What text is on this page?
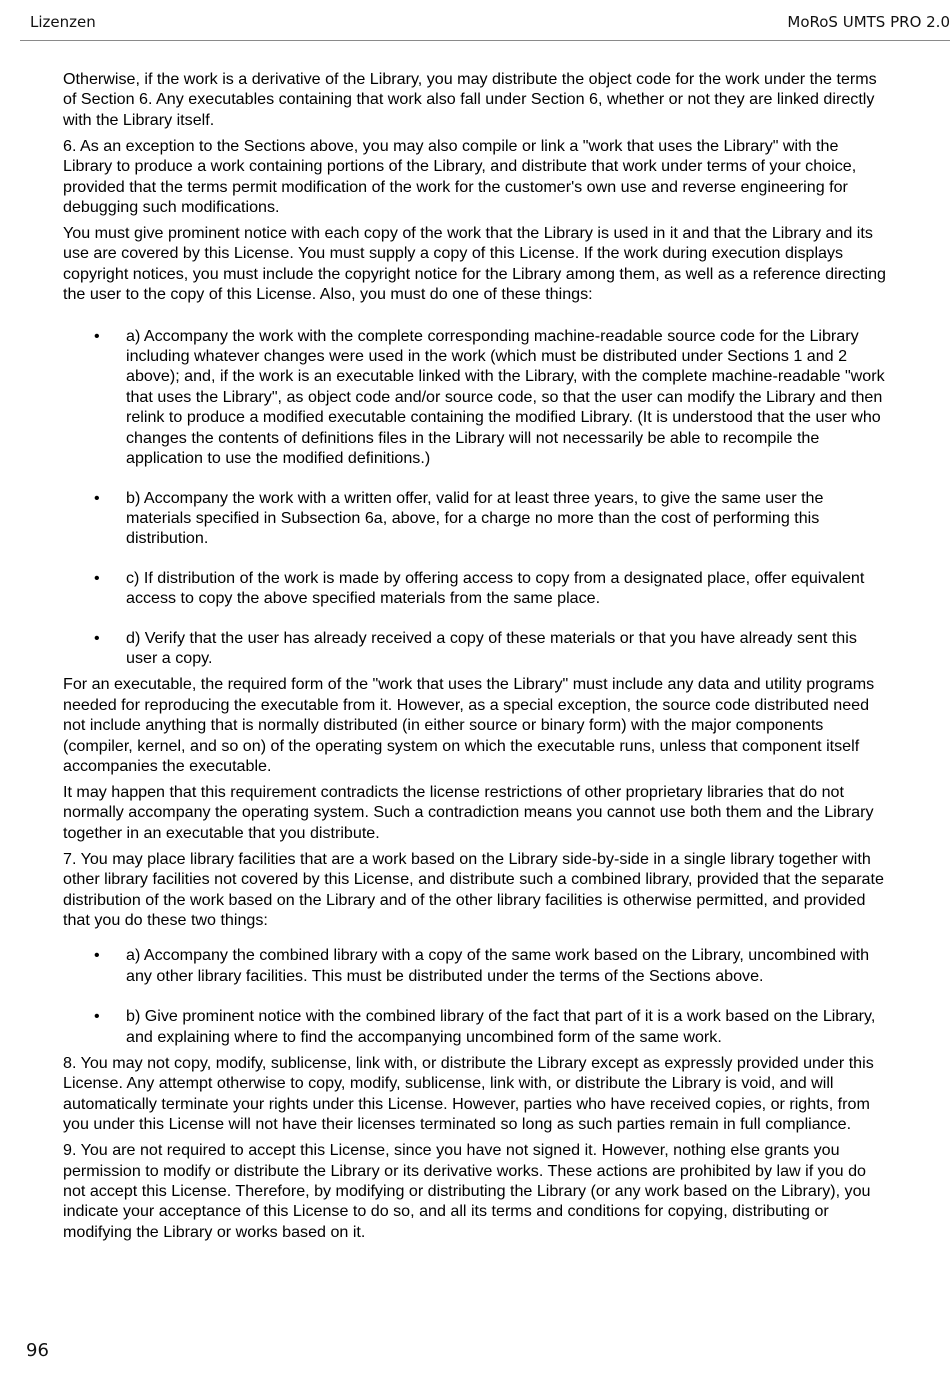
Lizenzen	MoRoS UMTS PRO 2.0

Otherwise, if the work is a derivative of the Library, you may distribute the object code for the work under the terms of Section 6. Any executables containing that work also fall under Section 6, whether or not they are linked directly with the Library itself.

6. As an exception to the Sections above, you may also compile or link a "work that uses the Library" with the Library to produce a work containing portions of the Library, and distribute that work under terms of your choice, provided that the terms permit modification of the work for the customer's own use and reverse engineering for debugging such modifications.

You must give prominent notice with each copy of the work that the Library is used in it and that the Library and its use are covered by this License. You must supply a copy of this License. If the work during execution displays copyright notices, you must include the copyright notice for the Library among them, as well as a reference directing the user to the copy of this License. Also, you must do one of these things:

• a) Accompany the work with the complete corresponding machine-readable source code for the Library including whatever changes were used in the work (which must be distributed under Sections 1 and 2 above); and, if the work is an executable linked with the Library, with the complete machine-readable "work that uses the Library", as object code and/or source code, so that the user can modify the Library and then relink to produce a modified executable containing the modified Library. (It is understood that the user who changes the contents of definitions files in the Library will not necessarily be able to recompile the application to use the modified definitions.)
• b) Accompany the work with a written offer, valid for at least three years, to give the same user the materials specified in Subsection 6a, above, for a charge no more than the cost of performing this distribution.
• c) If distribution of the work is made by offering access to copy from a designated place, offer equivalent access to copy the above specified materials from the same place.
• d) Verify that the user has already received a copy of these materials or that you have already sent this user a copy.

For an executable, the required form of the "work that uses the Library" must include any data and utility programs needed for reproducing the executable from it. However, as a special exception, the source code distributed need not include anything that is normally distributed (in either source or binary form) with the major components (compiler, kernel, and so on) of the operating system on which the executable runs, unless that component itself accompanies the executable.

It may happen that this requirement contradicts the license restrictions of other proprietary libraries that do not normally accompany the operating system. Such a contradiction means you cannot use both them and the Library together in an executable that you distribute.

7. You may place library facilities that are a work based on the Library side-by-side in a single library together with other library facilities not covered by this License, and distribute such a combined library, provided that the separate distribution of the work based on the Library and of the other library facilities is otherwise permitted, and provided that you do these two things:

• a) Accompany the combined library with a copy of the same work based on the Library, uncombined with any other library facilities. This must be distributed under the terms of the Sections above.
• b) Give prominent notice with the combined library of the fact that part of it is a work based on the Library, and explaining where to find the accompanying uncombined form of the same work.

8. You may not copy, modify, sublicense, link with, or distribute the Library except as expressly provided under this License. Any attempt otherwise to copy, modify, sublicense, link with, or distribute the Library is void, and will automatically terminate your rights under this License. However, parties who have received copies, or rights, from you under this License will not have their licenses terminated so long as such parties remain in full compliance.

9. You are not required to accept this License, since you have not signed it. However, nothing else grants you permission to modify or distribute the Library or its derivative works. These actions are prohibited by law if you do not accept this License. Therefore, by modifying or distributing the Library (or any work based on the Library), you indicate your acceptance of this License to do so, and all its terms and conditions for copying, distributing or modifying the Library or works based on it.

96
